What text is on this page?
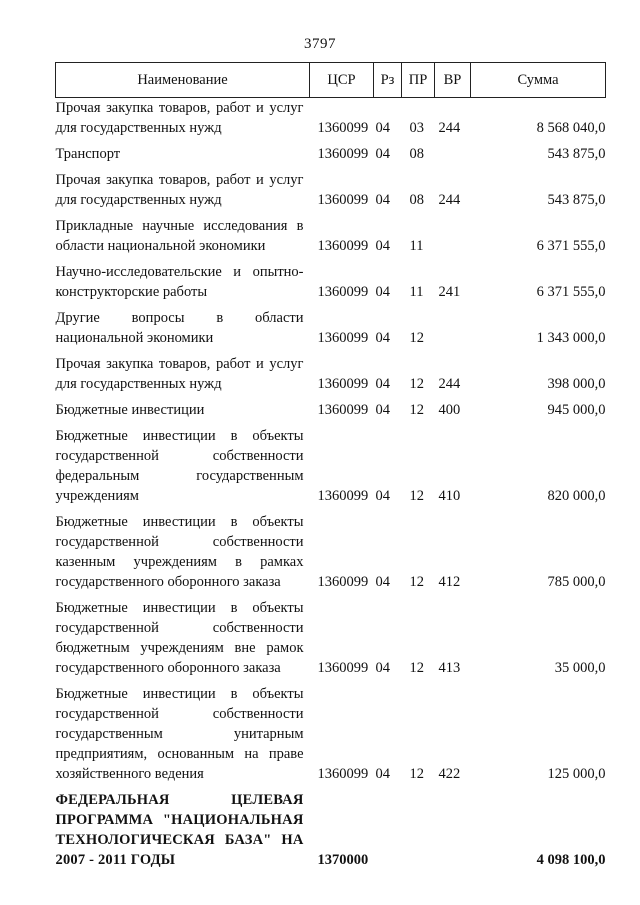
3797
Наименование	ЦСР	Рз	ПР	ВР	Сумма
Прочая закупка товаров, работ и услуг для государственных нужд	1360099	04	03	244	8 568 040,0
Транспорт	1360099	04	08		543 875,0
Прочая закупка товаров, работ и услуг для государственных нужд	1360099	04	08	244	543 875,0
Прикладные научные исследования в области национальной экономики	1360099	04	11		6 371 555,0
Научно-исследовательские и опытно-конструкторские работы	1360099	04	11	241	6 371 555,0
Другие вопросы в области национальной экономики	1360099	04	12		1 343 000,0
Прочая закупка товаров, работ и услуг для государственных нужд	1360099	04	12	244	398 000,0
Бюджетные инвестиции	1360099	04	12	400	945 000,0
Бюджетные инвестиции в объекты государственной собственности федеральным государственным учреждениям	1360099	04	12	410	820 000,0
Бюджетные инвестиции в объекты государственной собственности казенным учреждениям в рамках государственного оборонного заказа	1360099	04	12	412	785 000,0
Бюджетные инвестиции в объекты государственной собственности бюджетным учреждениям вне рамок государственного оборонного заказа	1360099	04	12	413	35 000,0
Бюджетные инвестиции в объекты государственной собственности государственным унитарным предприятиям, основанным на праве хозяйственного ведения	1360099	04	12	422	125 000,0
ФЕДЕРАЛЬНАЯ ЦЕЛЕВАЯ ПРОГРАММА "НАЦИОНАЛЬНАЯ ТЕХНОЛОГИЧЕСКАЯ БАЗА" НА 2007 - 2011 ГОДЫ	1370000				4 098 100,0
